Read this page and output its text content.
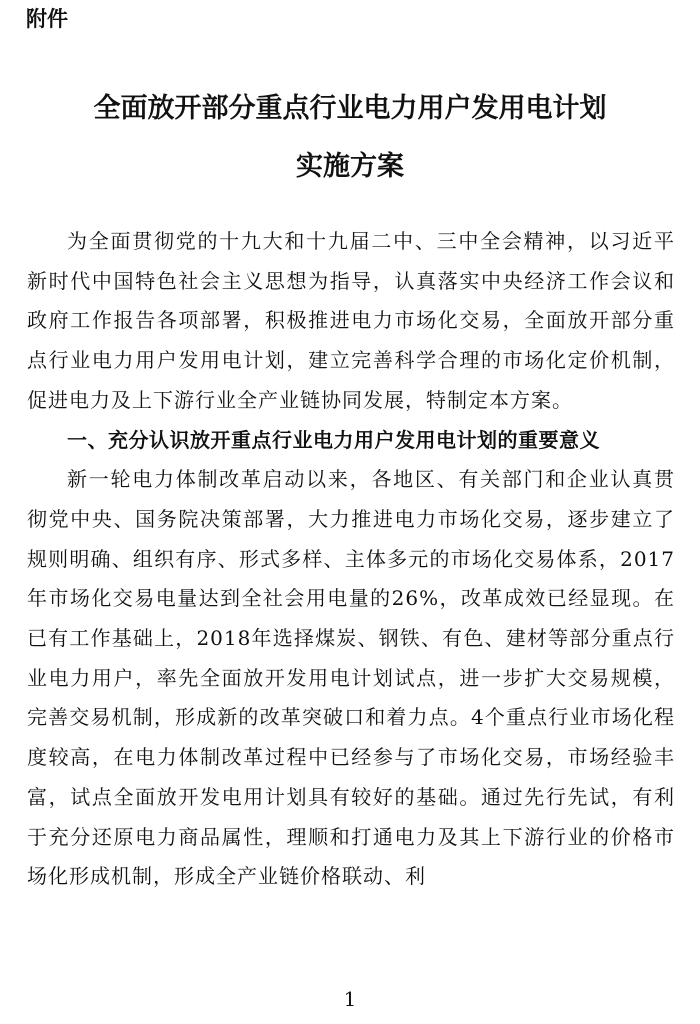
附件

全面放开部分重点行业电力用户发用电计划
实施方案

为全面贯彻党的十九大和十九届二中、三中全会精神，以习近平新时代中国特色社会主义思想为指导，认真落实中央经济工作会议和政府工作报告各项部署，积极推进电力市场化交易，全面放开部分重点行业电力用户发用电计划，建立完善科学合理的市场化定价机制，促进电力及上下游行业全产业链协同发展，特制定本方案。

一、充分认识放开重点行业电力用户发用电计划的重要意义

新一轮电力体制改革启动以来，各地区、有关部门和企业认真贯彻党中央、国务院决策部署，大力推进电力市场化交易，逐步建立了规则明确、组织有序、形式多样、主体多元的市场化交易体系，2017年市场化交易电量达到全社会用电量的26%，改革成效已经显现。在已有工作基础上，2018年选择煤炭、钢铁、有色、建材等部分重点行业电力用户，率先全面放开发用电计划试点，进一步扩大交易规模，完善交易机制，形成新的改革突破口和着力点。4个重点行业市场化程度较高，在电力体制改革过程中已经参与了市场化交易，市场经验丰富，试点全面放开发电用计划具有较好的基础。通过先行先试，有利于充分还原电力商品属性，理顺和打通电力及其上下游行业的价格市场化形成机制，形成全产业链价格联动、利

1
